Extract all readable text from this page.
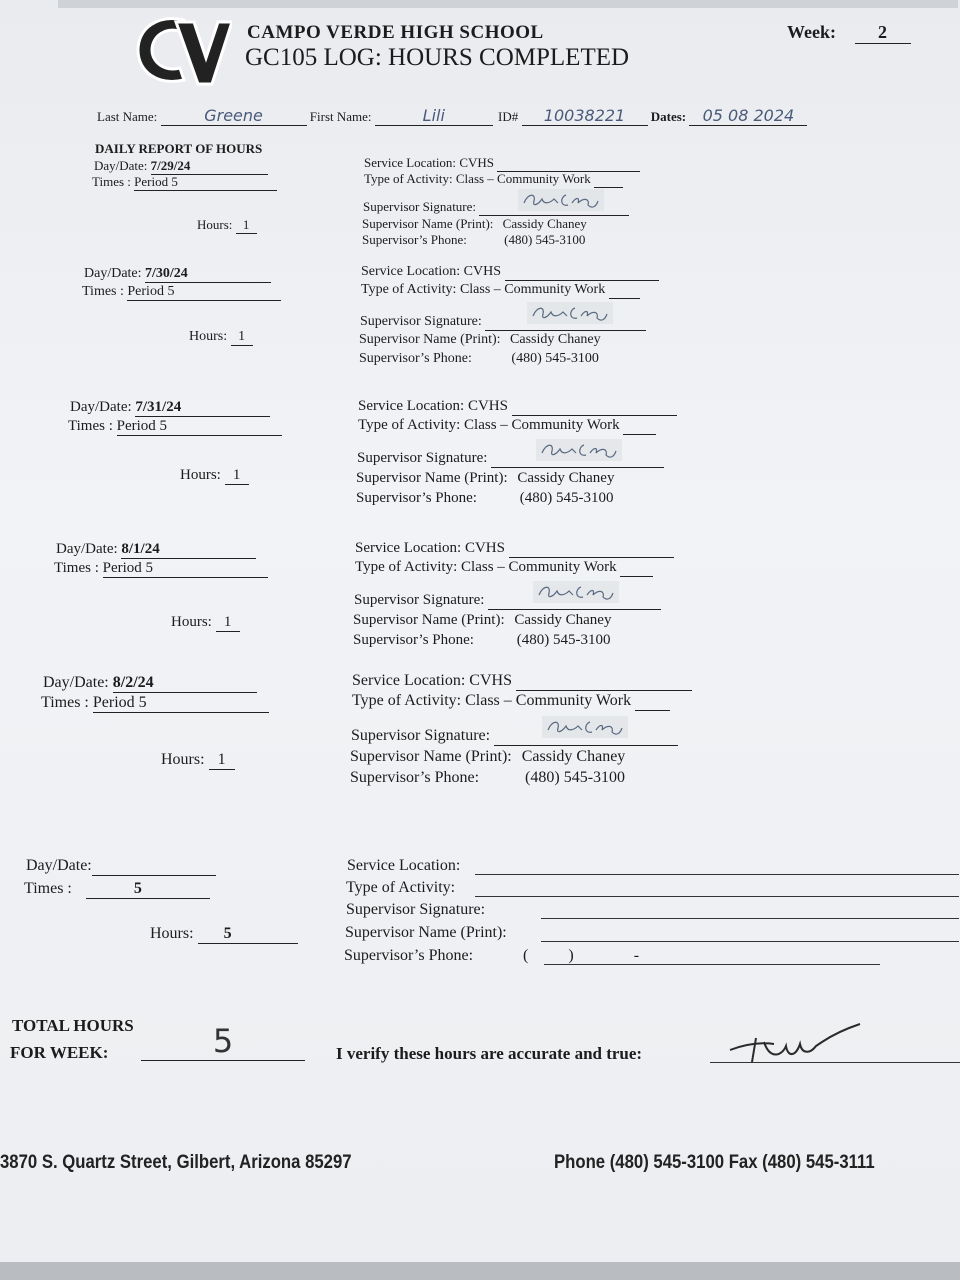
CAMPO VERDE HIGH SCHOOL
GC105 LOG: HOURS COMPLETED
Week: 2
Last Name:	Greene	First Name:	Lili	ID# 10038221 Dates: 05 08 2024
DAILY REPORT OF HOURS
Day/Date: 7/29/24
Times : Period 5
Hours: 1
Service Location: CVHS
Type of Activity: Class – Community Work
Supervisor Signature:
Supervisor Name (Print): Cassidy Chaney
Supervisor’s Phone:	(480) 545-3100
Day/Date: 7/30/24
Times : Period 5
Hours: 1
Service Location: CVHS
Type of Activity: Class – Community Work
Supervisor Signature:
Supervisor Name (Print): Cassidy Chaney
Supervisor’s Phone:	(480) 545-3100
Day/Date: 7/31/24
Times : Period 5
Hours: 1
Service Location: CVHS
Type of Activity: Class – Community Work
Supervisor Signature:
Supervisor Name (Print): Cassidy Chaney
Supervisor’s Phone:	(480) 545-3100
Day/Date: 8/1/24
Times : Period 5
Hours: 1
Service Location: CVHS
Type of Activity: Class – Community Work
Supervisor Signature:
Supervisor Name (Print): Cassidy Chaney
Supervisor’s Phone:	(480) 545-3100
Day/Date: 8/2/24
Times : Period 5
Hours: 1
Service Location: CVHS
Type of Activity: Class – Community Work
Supervisor Signature:
Supervisor Name (Print): Cassidy Chaney
Supervisor’s Phone:	(480) 545-3100
Day/Date:
Times :	5
Hours: 5
Service Location:
Type of Activity:
Supervisor Signature:
Supervisor Name (Print):
Supervisor’s Phone:	(          )               -
TOTAL HOURS
FOR WEEK:	5	I verify these hours are accurate and true:
3870 S. Quartz Street, Gilbert, Arizona 85297	Phone (480) 545-3100 Fax (480) 545-3111
